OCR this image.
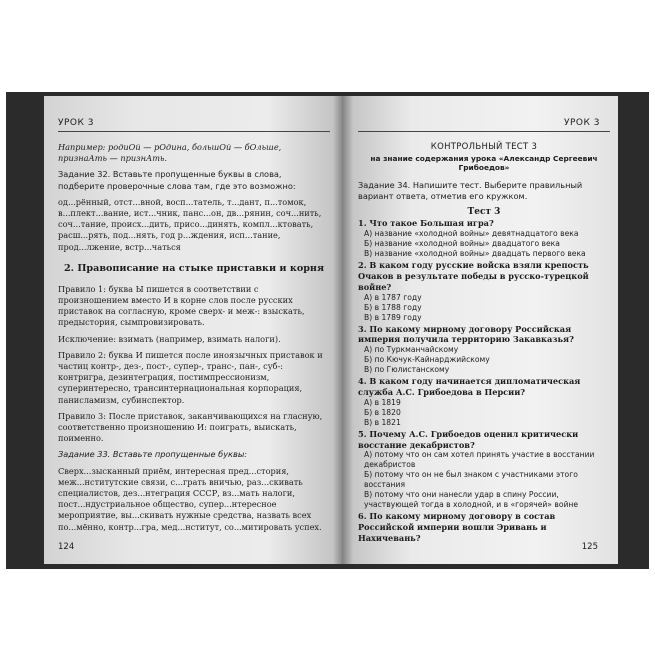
УРОК 3

Например: родиОй — рОдина, большОй — бОльше, признаАть — признАть.

Задание 32. Вставьте пропущенные буквы в слова, подберите проверочные слова там, где это возможно:

од...рённый, отст...вной, восп...татель, т...дант, п...томок, в...плект...вание, ист...чник, панс...он, дв...рянин, соч...нить, соч...тание, происх...дить, присо...динять, компл...ктовать, расш...рять, под...нять, год р...ждения, исп...тание, прод...лжение, встр...чаться

2. Правописание на стыке приставки и корня

Правило 1: буква Ы пишется в соответствии с произношением вместо И в корне слов после русских приставок на согласную, кроме сверх- и меж-: взыскать, предыстория, сымпровизировать.

Исключение: взимать (например, взимать налоги).

Правило 2: буква И пишется после иноязычных приставок и частиц контр-, дез-, пост-, супер-, транс-, пан-, суб-: контригра, дезинтеграция, постимпрессионизм, суперинтересно, трансинтернациональная корпорация, панисламизм, субинспектор.

Правило 3: После приставок, заканчивающихся на гласную, соответственно произношению И: поиграть, выискать, поименно.

Задание 33. Вставьте пропущенные буквы:

Сверх...зысканный приём, интересная пред...стория, меж...нститутские связи, с...грать вничью, раз...скивать специалистов, дез...нтеграция СССР, вз...мать налоги, пост...ндустриальное общество, супер...нтересное мероприятие, вы...скивать нужные средства, назвать всех по...мённо, контр...гра, мед...нститут, со...митировать успех.

124
УРОК 3
КОНТРОЛЬНЫЙ ТЕСТ 3
на знание содержания урока «Александр Сергеевич Грибоедов»

Задание 34. Напишите тест. Выберите правильный вариант ответа, отметив его кружком.

Тест 3
1. Что такое Большая игра?
А) название «холодной войны» девятнадцатого века
Б) название «холодной войны» двадцатого века
В) название «холодной войны» двадцать первого века
2. В каком году русские войска взяли крепость Очаков в результате победы в русско-турецкой войне?
А) в 1787 году
Б) в 1788 году
В) в 1789 году
3. По какому мирному договору Российская империя получила территорию Закавказья?
А) по Туркманчайскому
Б) по Кючук-Кайнарджийскому
В) по Гюлистанскому
4. В каком году начинается дипломатическая служба А.С. Грибоедова в Персии?
А) в 1819
Б) в 1820
В) в 1821
5. Почему А.С. Грибоедов оценил критически восстание декабристов?
А) потому что он сам хотел принять участие в восстании декабристов
Б) потому что он не был знаком с участниками этого восстания
В) потому что они нанесли удар в спину России, участвующей тогда в холодной, и в «горячей» войне
6. По какому мирному договору в состав Российской империи вошли Эривань и Нахичевань?
125
